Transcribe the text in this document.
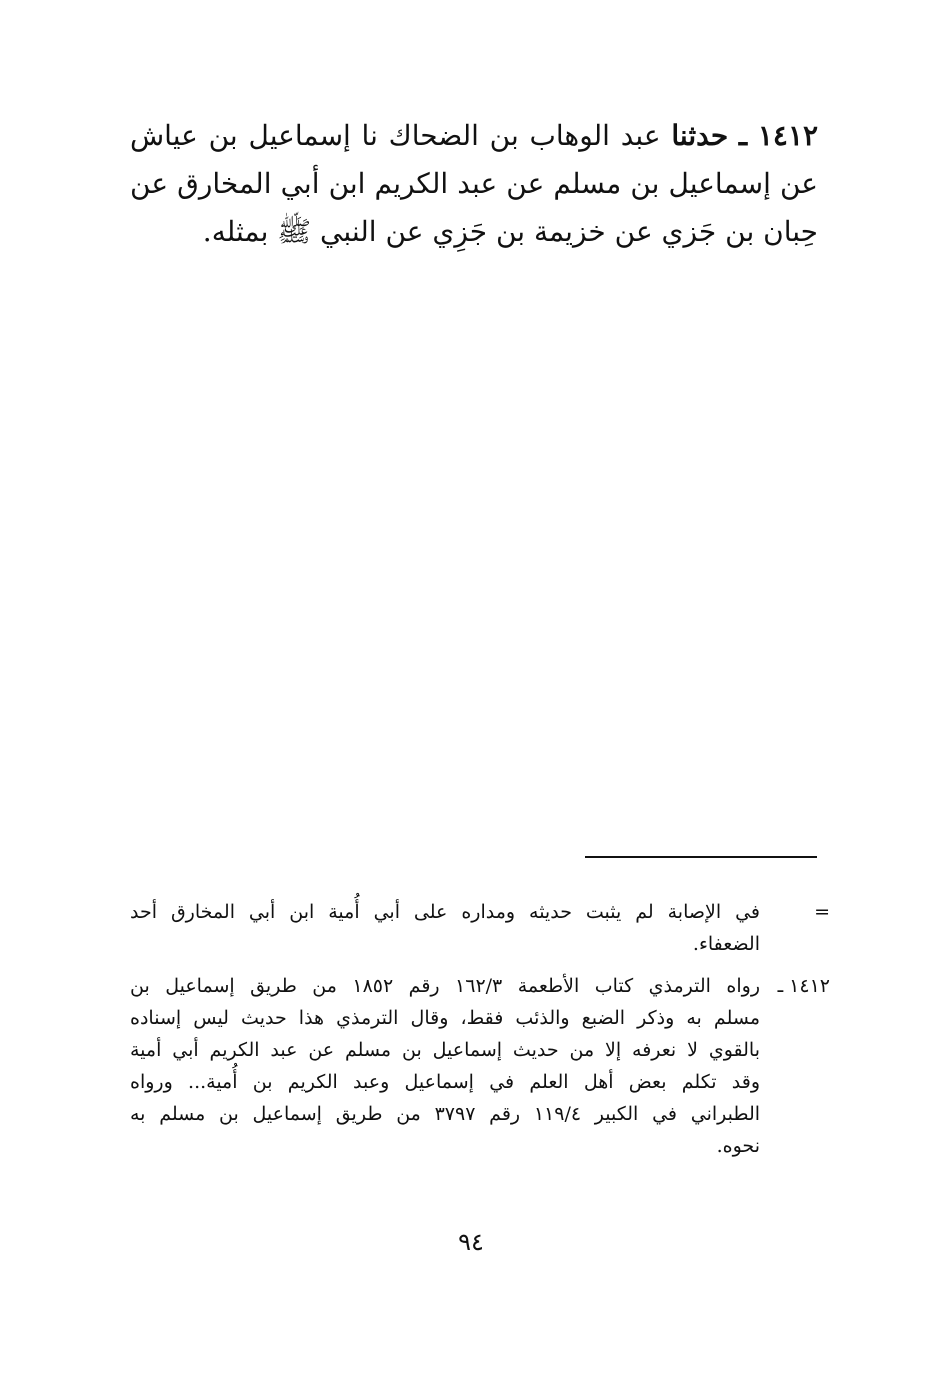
١٤١٢ ـ حدثنا عبد الوهاب بن الضحاك نا إسماعيل بن عياش
عن إسماعيل بن مسلم عن عبد الكريم ابن أبي المخارق عن
حِبان بن جَزي عن خزيمة بن جَزِي عن النبي ﷺ بمثله.
=
في الإصابة لم يثبت حديثه ومداره على أبي أُمية ابن أبي المخارق أحد
الضعفاء.
١٤١٢ ـ
رواه الترمذي كتاب الأطعمة ١٦٢/٣ رقم ١٨٥٢ من طريق إسماعيل بن
مسلم به وذكر الضبع والذئب فقط، وقال الترمذي هذا حديث ليس إسناده
بالقوي لا نعرفه إلا من حديث إسماعيل بن مسلم عن عبد الكريم أبي أمية
وقد تكلم بعض أهل العلم في إسماعيل وعبد الكريم بن أُمية... ورواه
الطبراني في الكبير ١١٩/٤ رقم ٣٧٩٧ من طريق إسماعيل بن مسلم به
نحوه.
٩٤
